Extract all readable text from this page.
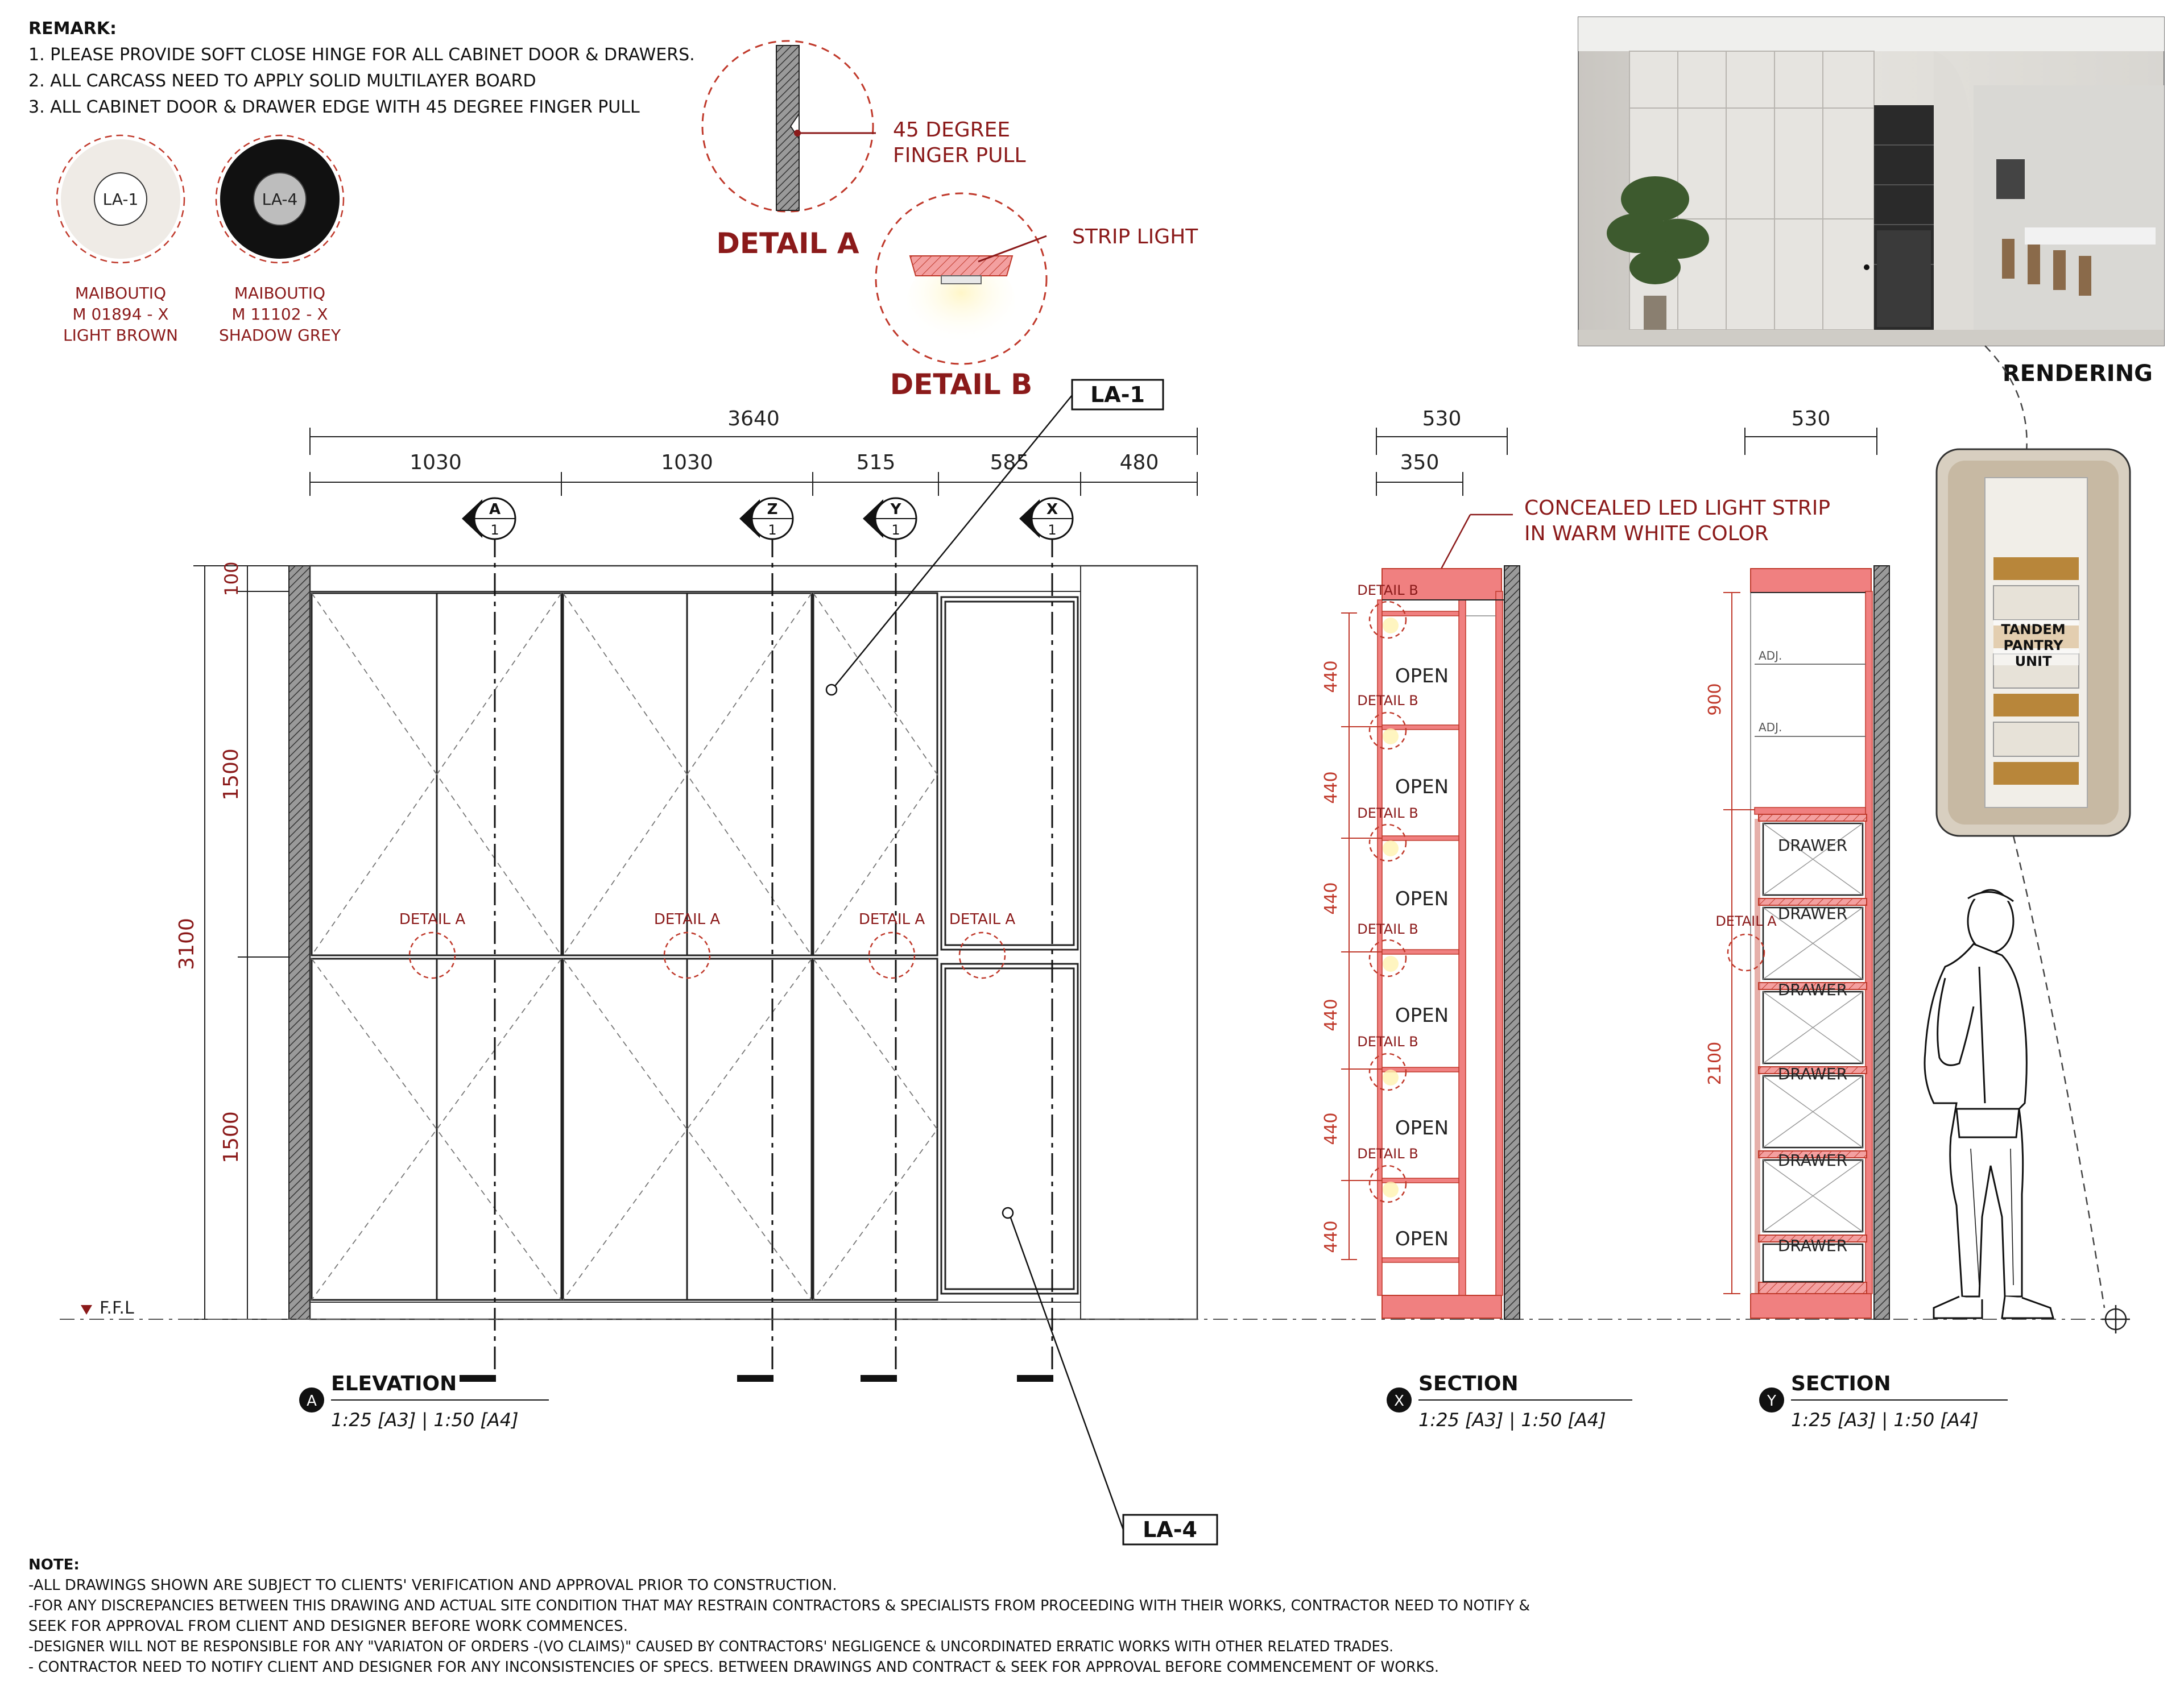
REMARK:
1. PLEASE PROVIDE SOFT CLOSE HINGE FOR ALL CABINET DOOR & DRAWERS.
2. ALL CARCASS NEED TO APPLY SOLID MULTILAYER BOARD
3. ALL CABINET DOOR & DRAWER EDGE WITH 45 DEGREE FINGER PULL
LA-1
MAIBOUTIQ
M 01894 - X
LIGHT BROWN
LA-4
MAIBOUTIQ
M 11102 - X
SHADOW GREY
45 DEGREE
FINGER PULL
DETAIL A	STRIP LIGHT
DETAIL B	RENDERING
TANDEM
PANTRY
UNIT
3640
1030	1030	515	585	480
3100
100
1500
1500
A
1
Z
1
Y
1
X
1
DETAIL A	DETAIL A	DETAIL A DETAIL A
LA-1
LA-4
F.F.L
530
350
CONCEALED LED LIGHT STRIP
IN WARM WHITE COLOR
440
440
440
440
440
440
DETAIL B
DETAIL B
DETAIL B
DETAIL B
DETAIL B
DETAIL B
OPEN
OPEN
OPEN
OPEN
OPEN
OPEN
530
ADJ.
ADJ.
DRAWER
DRAWER
DRAWER
DRAWER
DRAWER
DRAWER
900
2100
DETAIL A
A
ELEVATION
1:25 [A3] | 1:50 [A4]
X
SECTION
1:25 [A3] | 1:50 [A4]
Y
SECTION
1:25 [A3] | 1:50 [A4]
NOTE:
-ALL DRAWINGS SHOWN ARE SUBJECT TO CLIENTS' VERIFICATION AND APPROVAL PRIOR TO CONSTRUCTION.
-FOR ANY DISCREPANCIES BETWEEN THIS DRAWING AND ACTUAL SITE CONDITION THAT MAY RESTRAIN CONTRACTORS & SPECIALISTS FROM PROCEEDING WITH THEIR WORKS, CONTRACTOR NEED TO NOTIFY &
SEEK FOR APPROVAL FROM CLIENT AND DESIGNER BEFORE WORK COMMENCES.
-DESIGNER WILL NOT BE RESPONSIBLE FOR ANY "VARIATON OF ORDERS -(VO CLAIMS)" CAUSED BY CONTRACTORS' NEGLIGENCE & UNCORDINATED ERRATIC WORKS WITH OTHER RELATED TRADES.
- CONTRACTOR NEED TO NOTIFY CLIENT AND DESIGNER FOR ANY INCONSISTENCIES OF SPECS. BETWEEN DRAWINGS AND CONTRACT & SEEK FOR APPROVAL BEFORE COMMENCEMENT OF WORKS.
